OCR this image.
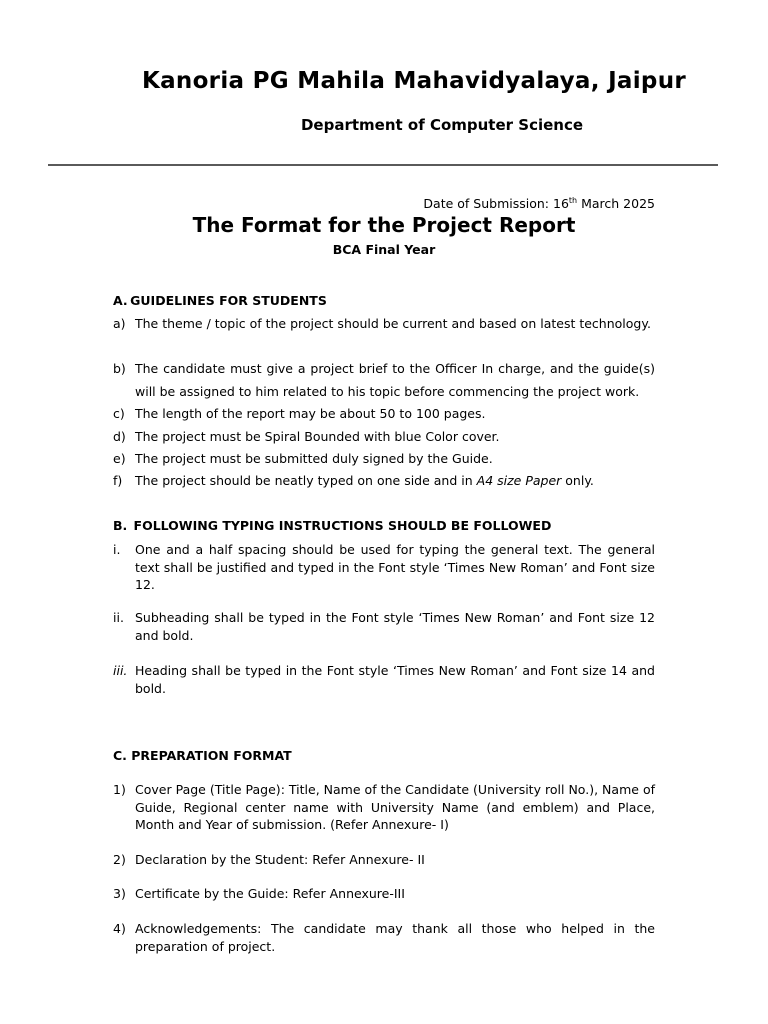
Kanoria PG Mahila Mahavidyalaya, Jaipur
Department of Computer Science
Date of Submission: 16th March 2025
The Format for the Project Report
BCA Final Year
A. GUIDELINES FOR STUDENTS
a) The theme / topic of the project should be current and based on latest technology.
b) The candidate must give a project brief to the Officer In charge, and the guide(s) will be assigned to him related to his topic before commencing the project work.
c) The length of the report may be about 50 to 100 pages.
d) The project must be Spiral Bounded with blue Color cover.
e) The project must be submitted duly signed by the Guide.
f) The project should be neatly typed on one side and in A4 size Paper only.
B. FOLLOWING TYPING INSTRUCTIONS SHOULD BE FOLLOWED
i. One and a half spacing should be used for typing the general text. The general text shall be justified and typed in the Font style ‘Times New Roman’ and Font size 12.
ii. Subheading shall be typed in the Font style ‘Times New Roman’ and Font size 12 and bold.
iii. Heading shall be typed in the Font style ‘Times New Roman’ and Font size 14 and bold.
C. PREPARATION FORMAT
1) Cover Page (Title Page): Title, Name of the Candidate (University roll No.), Name of Guide, Regional center name with University Name (and emblem) and Place, Month and Year of submission. (Refer Annexure- I)
2) Declaration by the Student: Refer Annexure- II
3) Certificate by the Guide: Refer Annexure-III
4) Acknowledgements: The candidate may thank all those who helped in the preparation of project.
